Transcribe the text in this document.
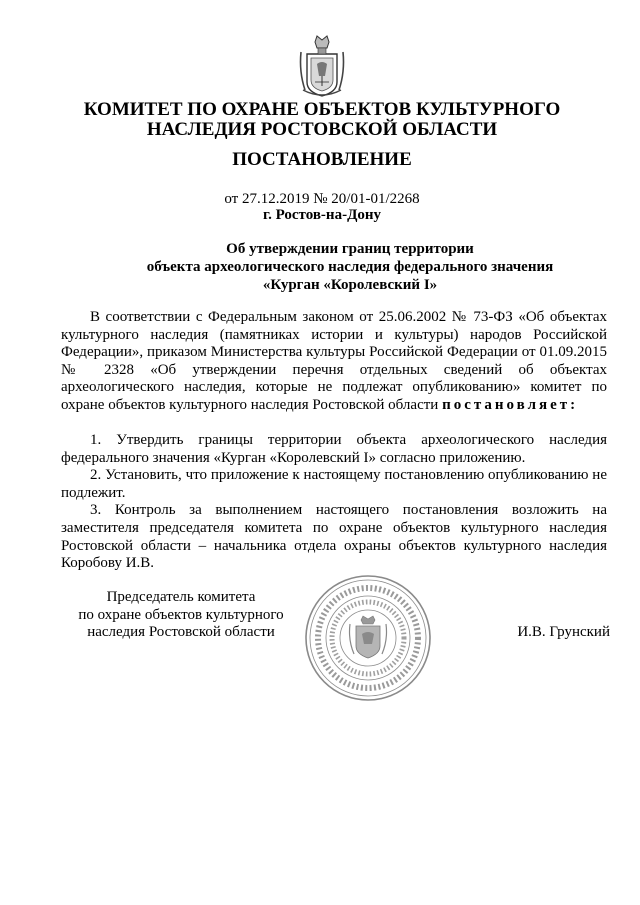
КОМИТЕТ ПО ОХРАНЕ ОБЪЕКТОВ КУЛЬТУРНОГО
НАСЛЕДИЯ РОСТОВСКОЙ ОБЛАСТИ
ПОСТАНОВЛЕНИЕ
от 27.12.2019 № 20/01-01/2268
г. Ростов-на-Дону
Об утверждении границ территории
объекта археологического наследия федерального значения
«Курган «Королевский I»

В соответствии с Федеральным законом от 25.06.2002 № 73-ФЗ «Об объектах культурного наследия (памятниках истории и культуры) народов Российской Федерации», приказом Министерства культуры Российской Федерации от 01.09.2015 № 2328 «Об утверждении перечня отдельных сведений об объектах археологического наследия, которые не подлежат опубликованию» комитет по охране объектов культурного наследия Ростовской области постановляет:

1. Утвердить границы территории объекта археологического наследия федерального значения «Курган «Королевский I» согласно приложению.

2. Установить, что приложение к настоящему постановлению опубликованию не подлежит.

3. Контроль за выполнением настоящего постановления возложить на заместителя председателя комитета по охране объектов культурного наследия Ростовской области – начальника отдела охраны объектов культурного наследия Коробову И.В.

Председатель комитета
по охране объектов культурного
наследия Ростовской области	И.В. Грунский
